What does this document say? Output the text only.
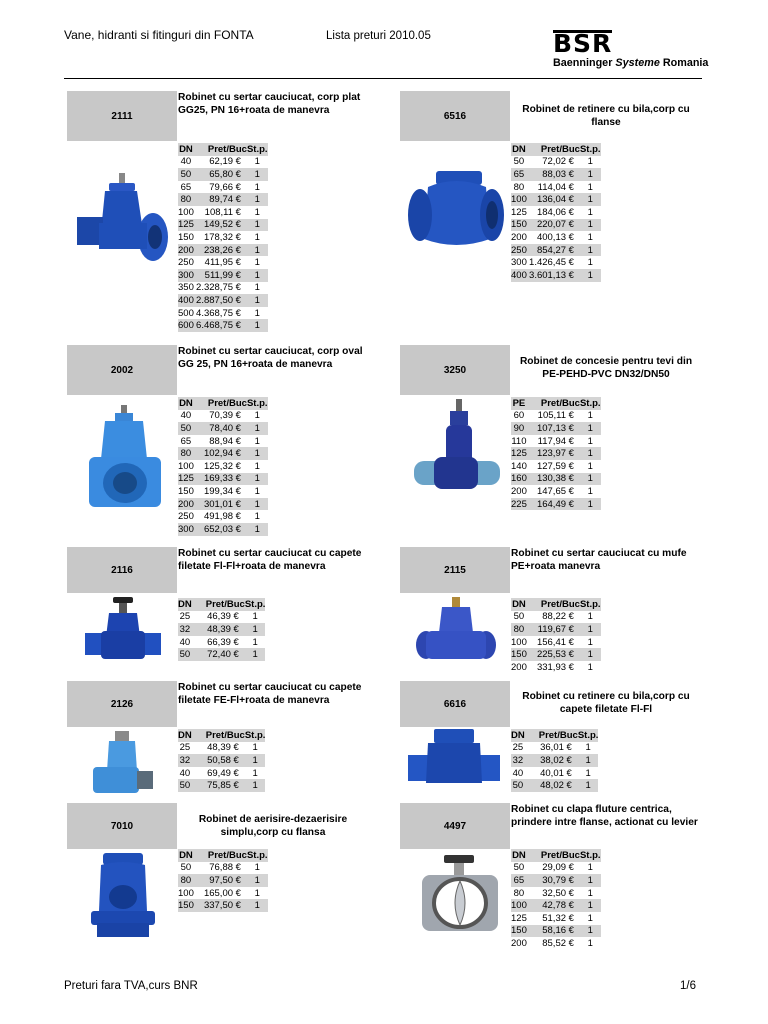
Vane, hidranti si fitinguri din FONTA	Lista preturi 2010.05	BSR
Baenninger Systeme Romania
2111
Robinet cu sertar cauciucat, corp plat GG25, PN 16+roata de manevra
DN	Pret/Buc	St.p.
40	62,19 €	1
50	65,80 €	1
65	79,66 €	1
80	89,74 €	1
100	108,11 €	1
125	149,52 €	1
150	178,32 €	1
200	238,26 €	1
250	411,95 €	1
300	511,99 €	1
350	2.328,75 €	1
400	2.887,50 €	1
500	4.368,75 €	1
600	6.468,75 €	1
6516
Robinet de retinere cu bila,corp cu flanse
DN	Pret/Buc	St.p.
50	72,02 €	1
65	88,03 €	1
80	114,04 €	1
100	136,04 €	1
125	184,06 €	1
150	220,07 €	1
200	400,13 €	1
250	854,27 €	1
300	1.426,45 €	1
400	3.601,13 €	1
2002
Robinet cu sertar cauciucat, corp oval GG 25, PN 16+roata de manevra
DN	Pret/Buc	St.p.
40	70,39 €	1
50	78,40 €	1
65	88,94 €	1
80	102,94 €	1
100	125,32 €	1
125	169,33 €	1
150	199,34 €	1
200	301,01 €	1
250	491,98 €	1
300	652,03 €	1
3250
Robinet de concesie pentru tevi din PE-PEHD-PVC DN32/DN50
PE	Pret/Buc	St.p.
60	105,11 €	1
90	107,13 €	1
110	117,94 €	1
125	123,97 €	1
140	127,59 €	1
160	130,38 €	1
200	147,65 €	1
225	164,49 €	1
2116
Robinet cu sertar cauciucat cu capete filetate Fl-Fl+roata de manevra
DN	Pret/Buc	St.p.
25	46,39 €	1
32	48,39 €	1
40	66,39 €	1
50	72,40 €	1
2115
Robinet cu sertar cauciucat cu mufe PE+roata manevra
DN	Pret/Buc	St.p.
50	88,22 €	1
80	119,67 €	1
100	156,41 €	1
150	225,53 €	1
200	331,93 €	1
2126
Robinet cu sertar cauciucat cu capete filetate FE-Fl+roata de manevra
DN	Pret/Buc	St.p.
25	48,39 €	1
32	50,58 €	1
40	69,49 €	1
50	75,85 €	1
6616
Robinet cu retinere cu bila,corp cu capete filetate Fl-Fl
DN	Pret/Buc	St.p.
25	36,01 €	1
32	38,02 €	1
40	40,01 €	1
50	48,02 €	1
7010
Robinet de aerisire-dezaerisire simplu,corp cu flansa
DN	Pret/Buc	St.p.
50	76,88 €	1
80	97,50 €	1
100	165,00 €	1
150	337,50 €	1
4497
Robinet cu clapa fluture centrica, prindere intre flanse, actionat cu levier
DN	Pret/Buc	St.p.
50	29,09 €	1
65	30,79 €	1
80	32,50 €	1
100	42,78 €	1
125	51,32 €	1
150	58,16 €	1
200	85,52 €	1
Preturi fara TVA,curs BNR	1/6
